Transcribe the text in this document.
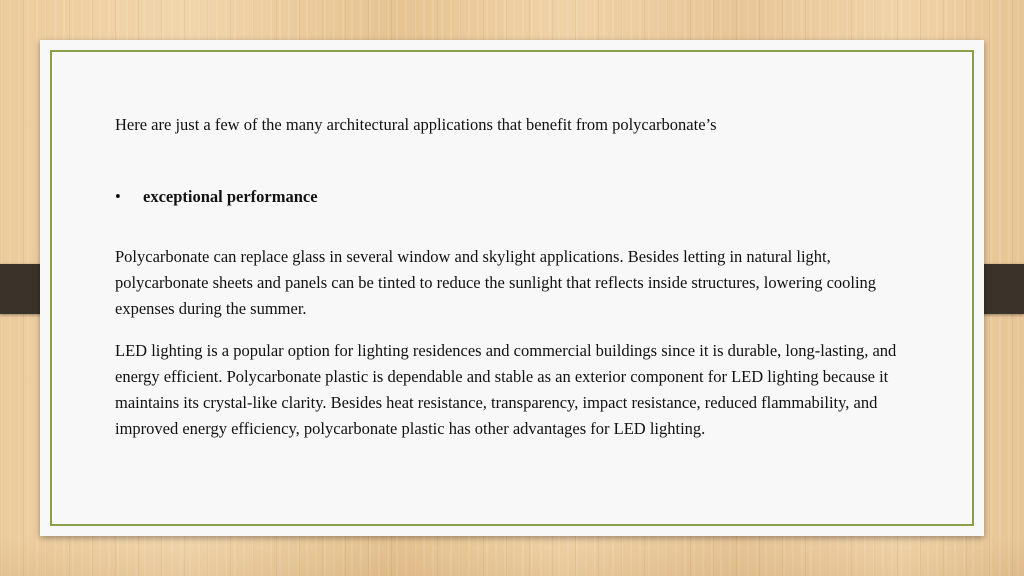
Here are just a few of the many architectural applications that benefit from polycarbonate’s

•	exceptional performance

Polycarbonate can replace glass in several window and skylight applications. Besides letting in natural light, polycarbonate sheets and panels can be tinted to reduce the sunlight that reflects inside structures, lowering cooling expenses during the summer.

LED lighting is a popular option for lighting residences and commercial buildings since it is durable, long-lasting, and energy efficient. Polycarbonate plastic is dependable and stable as an exterior component for LED lighting because it maintains its crystal-like clarity. Besides heat resistance, transparency, impact resistance, reduced flammability, and improved energy efficiency, polycarbonate plastic has other advantages for LED lighting.
